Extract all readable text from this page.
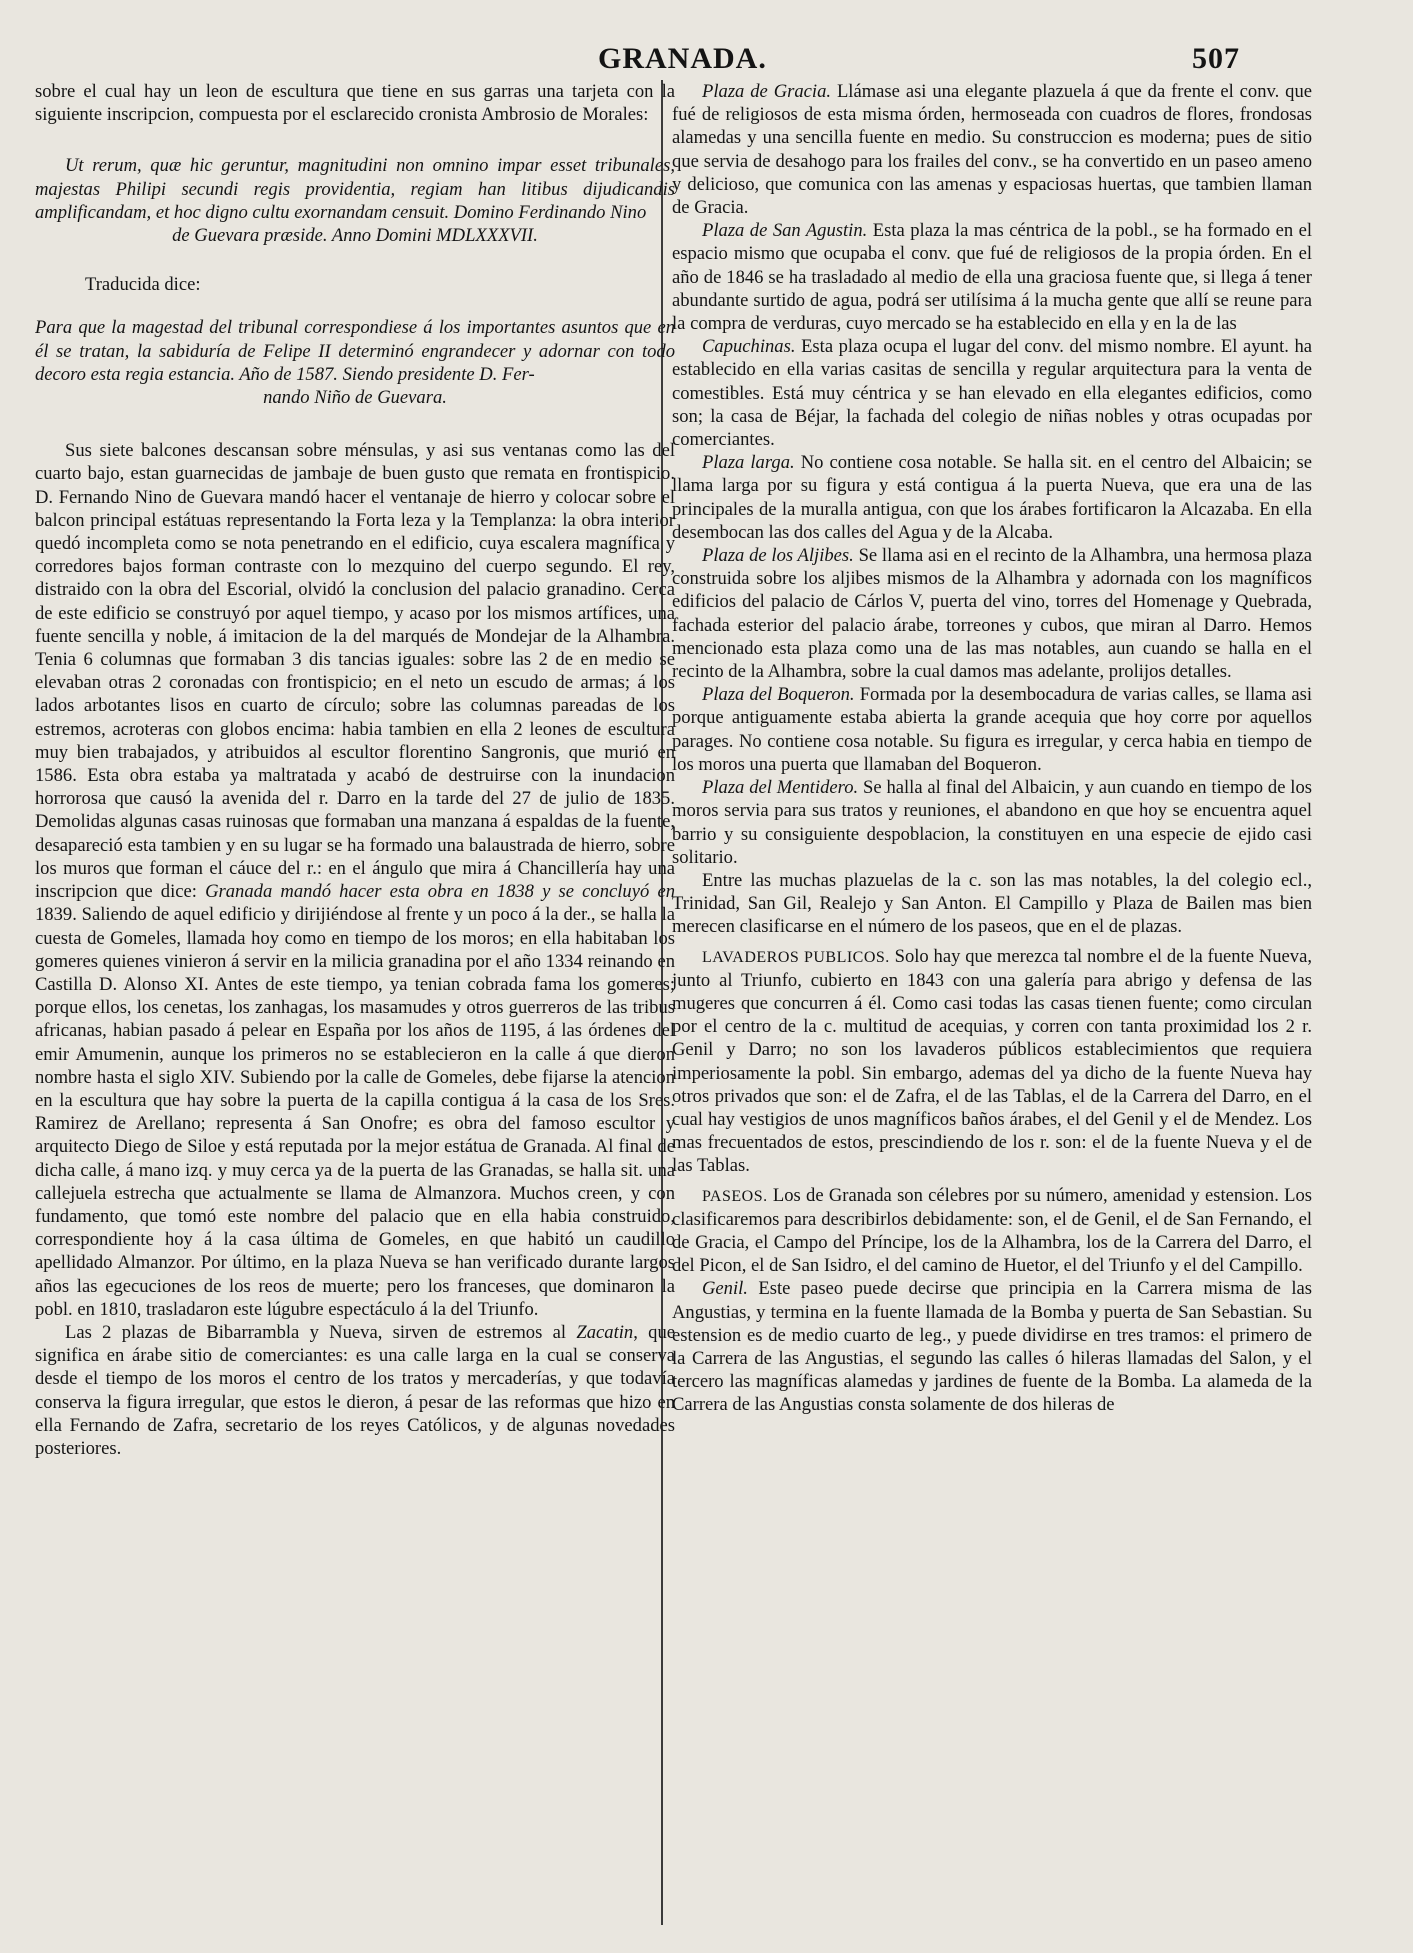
GRANADA.	507

sobre el cual hay un leon de escultura que tiene en sus garras una tarjeta con la siguiente inscripcion, compuesta por el esclarecido cronista Ambrosio de Morales:

Ut rerum, quæ hic geruntur, magnitudini non omnino impar esset tribunales, majestas Philipi secundi regis providentia, regiam han litibus dijudicandis amplificandam, et hoc digno cultu exornandam censuit. Domino Ferdinando Nino

de Guevara præside. Anno Domini MDLXXXVII.

Traducida dice:

Para que la magestad del tribunal correspondiese á los importantes asuntos que en él se tratan, la sabiduría de Felipe II determinó engrandecer y adornar con todo decoro esta regia estancia. Año de 1587. Siendo presidente D. Fer-

nando Niño de Guevara.

Sus siete balcones descansan sobre ménsulas, y asi sus ventanas como las del cuarto bajo, estan guarnecidas de jambaje de buen gusto que remata en frontispicio. D. Fernando Nino de Guevara mandó hacer el ventanaje de hierro y colocar sobre el balcon principal estátuas representando la Forta leza y la Templanza: la obra interior quedó incompleta como se nota penetrando en el edificio, cuya escalera magnífica y corredores bajos forman contraste con lo mezquino del cuerpo segundo. El rey, distraido con la obra del Escorial, olvidó la conclusion del palacio granadino. Cerca de este edificio se construyó por aquel tiempo, y acaso por los mismos artífices, una fuente sencilla y noble, á imitacion de la del marqués de Mondejar de la Alhambra. Tenia 6 columnas que formaban 3 dis tancias iguales: sobre las 2 de en medio se elevaban otras 2 coronadas con frontispicio; en el neto un escudo de armas; á los lados arbotantes lisos en cuarto de círculo; sobre las columnas pareadas de los estremos, acroteras con globos encima: habia tambien en ella 2 leones de escultura muy bien trabajados, y atribuidos al escultor florentino Sangronis, que murió en 1586. Esta obra estaba ya maltratada y acabó de destruirse con la inundacion horrorosa que causó la avenida del r. Darro en la tarde del 27 de julio de 1835. Demolidas algunas casas ruinosas que formaban una manzana á espaldas de la fuente, desapareció esta tambien y en su lugar se ha formado una balaustrada de hierro, sobre los muros que forman el cáuce del r.: en el ángulo que mira á Chancillería hay una inscripcion que dice: Granada mandó hacer esta obra en 1838 y se concluyó en 1839. Saliendo de aquel edificio y dirijiéndose al frente y un poco á la der., se halla la cuesta de Gomeles, llamada hoy como en tiempo de los moros; en ella habitaban los gomeres quienes vinieron á servir en la milicia granadina por el año 1334 reinando en Castilla D. Alonso XI. Antes de este tiempo, ya tenian cobrada fama los gomeres; porque ellos, los cenetas, los zanhagas, los masamudes y otros guerreros de las tribus africanas, habian pasado á pelear en España por los años de 1195, á las órdenes del emir Amumenin, aunque los primeros no se establecieron en la calle á que dieron nombre hasta el siglo XIV. Subiendo por la calle de Gomeles, debe fijarse la atencion en la escultura que hay sobre la puerta de la capilla contigua á la casa de los Sres. Ramirez de Arellano; representa á San Onofre; es obra del famoso escultor y arquitecto Diego de Siloe y está reputada por la mejor estátua de Granada. Al final de dicha calle, á mano izq. y muy cerca ya de la puerta de las Granadas, se halla sit. una callejuela estrecha que actualmente se llama de Almanzora. Muchos creen, y con fundamento, que tomó este nombre del palacio que en ella habia construido, correspondiente hoy á la casa última de Gomeles, en que habitó un caudillo apellidado Almanzor. Por último, en la plaza Nueva se han verificado durante largos años las egecuciones de los reos de muerte; pero los franceses, que dominaron la pobl. en 1810, trasladaron este lúgubre espectáculo á la del Triunfo.

Las 2 plazas de Bibarrambla y Nueva, sirven de estremos al Zacatin, que significa en árabe sitio de comerciantes: es una calle larga en la cual se conserva desde el tiempo de los moros el centro de los tratos y mercaderías, y que todavía conserva la figura irregular, que estos le dieron, á pesar de las reformas que hizo en ella Fernando de Zafra, secretario de los reyes Católicos, y de algunas novedades posteriores.

Plaza de Gracia. Llámase asi una elegante plazuela á que da frente el conv. que fué de religiosos de esta misma órden, hermoseada con cuadros de flores, frondosas alamedas y una sencilla fuente en medio. Su construccion es moderna; pues de sitio que servia de desahogo para los frailes del conv., se ha convertido en un paseo ameno y delicioso, que comunica con las amenas y espaciosas huertas, que tambien llaman de Gracia.

Plaza de San Agustin. Esta plaza la mas céntrica de la pobl., se ha formado en el espacio mismo que ocupaba el conv. que fué de religiosos de la propia órden. En el año de 1846 se ha trasladado al medio de ella una graciosa fuente que, si llega á tener abundante surtido de agua, podrá ser utilísima á la mucha gente que allí se reune para la compra de verduras, cuyo mercado se ha establecido en ella y en la de las

Capuchinas. Esta plaza ocupa el lugar del conv. del mismo nombre. El ayunt. ha establecido en ella varias casitas de sencilla y regular arquitectura para la venta de comestibles. Está muy céntrica y se han elevado en ella elegantes edificios, como son; la casa de Béjar, la fachada del colegio de niñas nobles y otras ocupadas por comerciantes.

Plaza larga. No contiene cosa notable. Se halla sit. en el centro del Albaicin; se llama larga por su figura y está contigua á la puerta Nueva, que era una de las principales de la muralla antigua, con que los árabes fortificaron la Alcazaba. En ella desembocan las dos calles del Agua y de la Alcaba.

Plaza de los Aljibes. Se llama asi en el recinto de la Alhambra, una hermosa plaza construida sobre los aljibes mismos de la Alhambra y adornada con los magníficos edificios del palacio de Cárlos V, puerta del vino, torres del Homenage y Quebrada, fachada esterior del palacio árabe, torreones y cubos, que miran al Darro. Hemos mencionado esta plaza como una de las mas notables, aun cuando se halla en el recinto de la Alhambra, sobre la cual damos mas adelante, prolijos detalles.

Plaza del Boqueron. Formada por la desembocadura de varias calles, se llama asi porque antiguamente estaba abierta la grande acequia que hoy corre por aquellos parages. No contiene cosa notable. Su figura es irregular, y cerca habia en tiempo de los moros una puerta que llamaban del Boqueron.

Plaza del Mentidero. Se halla al final del Albaicin, y aun cuando en tiempo de los moros servia para sus tratos y reuniones, el abandono en que hoy se encuentra aquel barrio y su consiguiente despoblacion, la constituyen en una especie de ejido casi solitario.

Entre las muchas plazuelas de la c. son las mas notables, la del colegio ecl., Trinidad, San Gil, Realejo y San Anton. El Campillo y Plaza de Bailen mas bien merecen clasificarse en el número de los paseos, que en el de plazas.

LAVADEROS PUBLICOS. Solo hay que merezca tal nombre el de la fuente Nueva, junto al Triunfo, cubierto en 1843 con una galería para abrigo y defensa de las mugeres que concurren á él. Como casi todas las casas tienen fuente; como circulan por el centro de la c. multitud de acequias, y corren con tanta proximidad los 2 r. Genil y Darro; no son los lavaderos públicos establecimientos que requiera imperiosamente la pobl. Sin embargo, ademas del ya dicho de la fuente Nueva hay otros privados que son: el de Zafra, el de las Tablas, el de la Carrera del Darro, en el cual hay vestigios de unos magníficos baños árabes, el del Genil y el de Mendez. Los mas frecuentados de estos, prescindiendo de los r. son: el de la fuente Nueva y el de las Tablas.

PASEOS. Los de Granada son célebres por su número, amenidad y estension. Los clasificaremos para describirlos debidamente: son, el de Genil, el de San Fernando, el de Gracia, el Campo del Príncipe, los de la Alhambra, los de la Carrera del Darro, el del Picon, el de San Isidro, el del camino de Huetor, el del Triunfo y el del Campillo.

Genil. Este paseo puede decirse que principia en la Carrera misma de las Angustias, y termina en la fuente llamada de la Bomba y puerta de San Sebastian. Su estension es de medio cuarto de leg., y puede dividirse en tres tramos: el primero de la Carrera de las Angustias, el segundo las calles ó hileras llamadas del Salon, y el tercero las magníficas alamedas y jardines de fuente de la Bomba. La alameda de la Carrera de las Angustias consta solamente de dos hileras de
